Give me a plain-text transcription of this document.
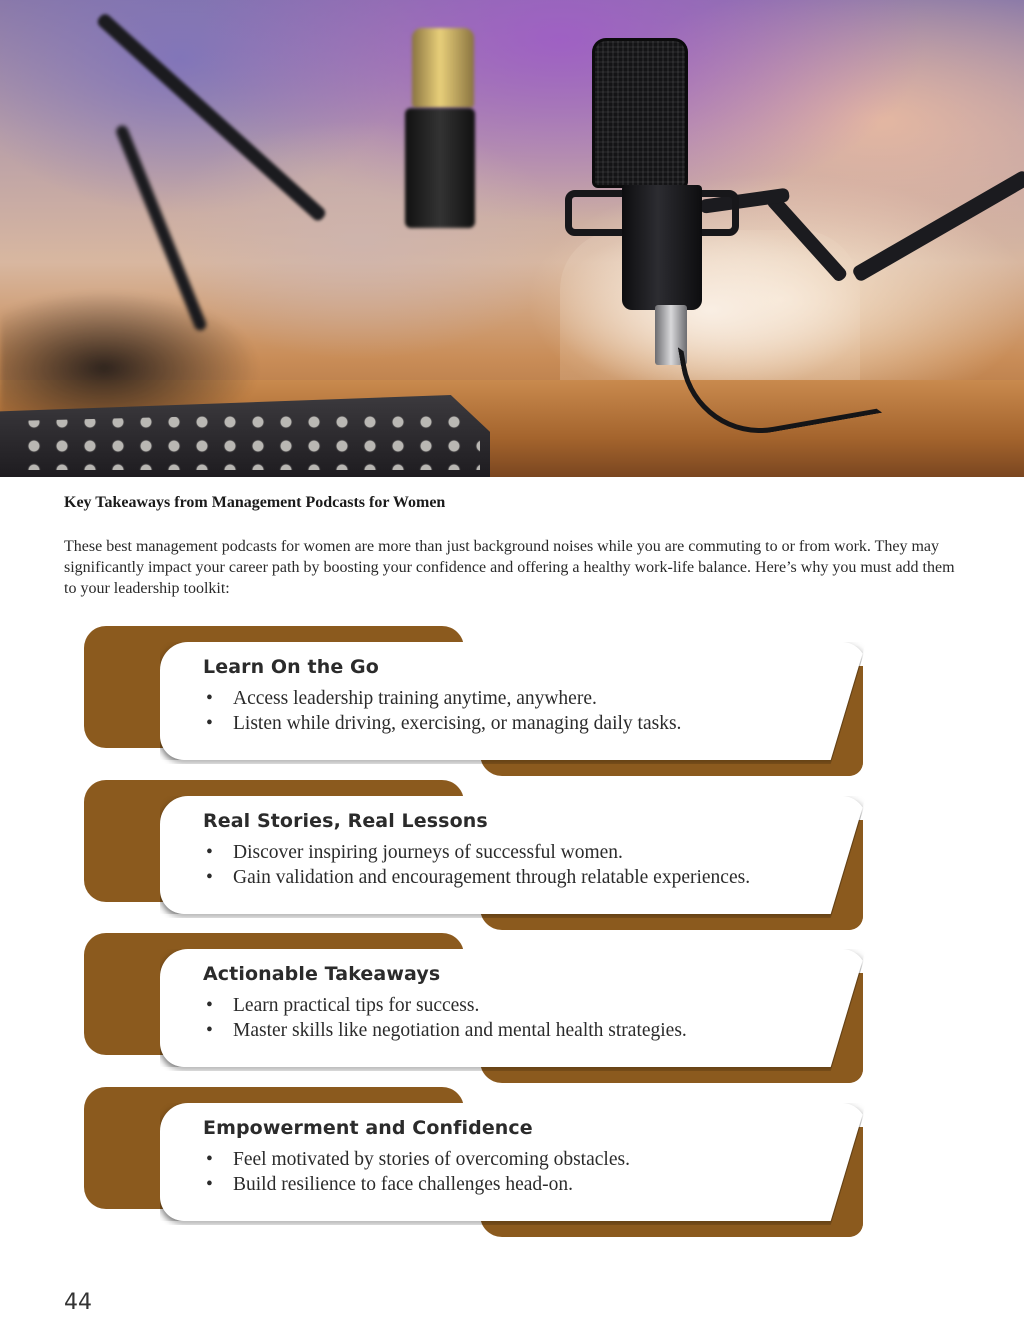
Key Takeaways from Management Podcasts for Women
These best management podcasts for women are more than just background noises while you are commuting to or from work. They may significantly impact your career path by boosting your confidence and offering a healthy work-life balance. Here’s why you must add them to your leadership toolkit:
Learn On the Go
• Access leadership training anytime, anywhere.
• Listen while driving, exercising, or managing daily tasks.
Real Stories, Real Lessons
• Discover inspiring journeys of successful women.
• Gain validation and encouragement through relatable experiences.
Actionable Takeaways
• Learn practical tips for success.
• Master skills like negotiation and mental health strategies.
Empowerment and Confidence
• Feel motivated by stories of overcoming obstacles.
• Build resilience to face challenges head-on.
44
